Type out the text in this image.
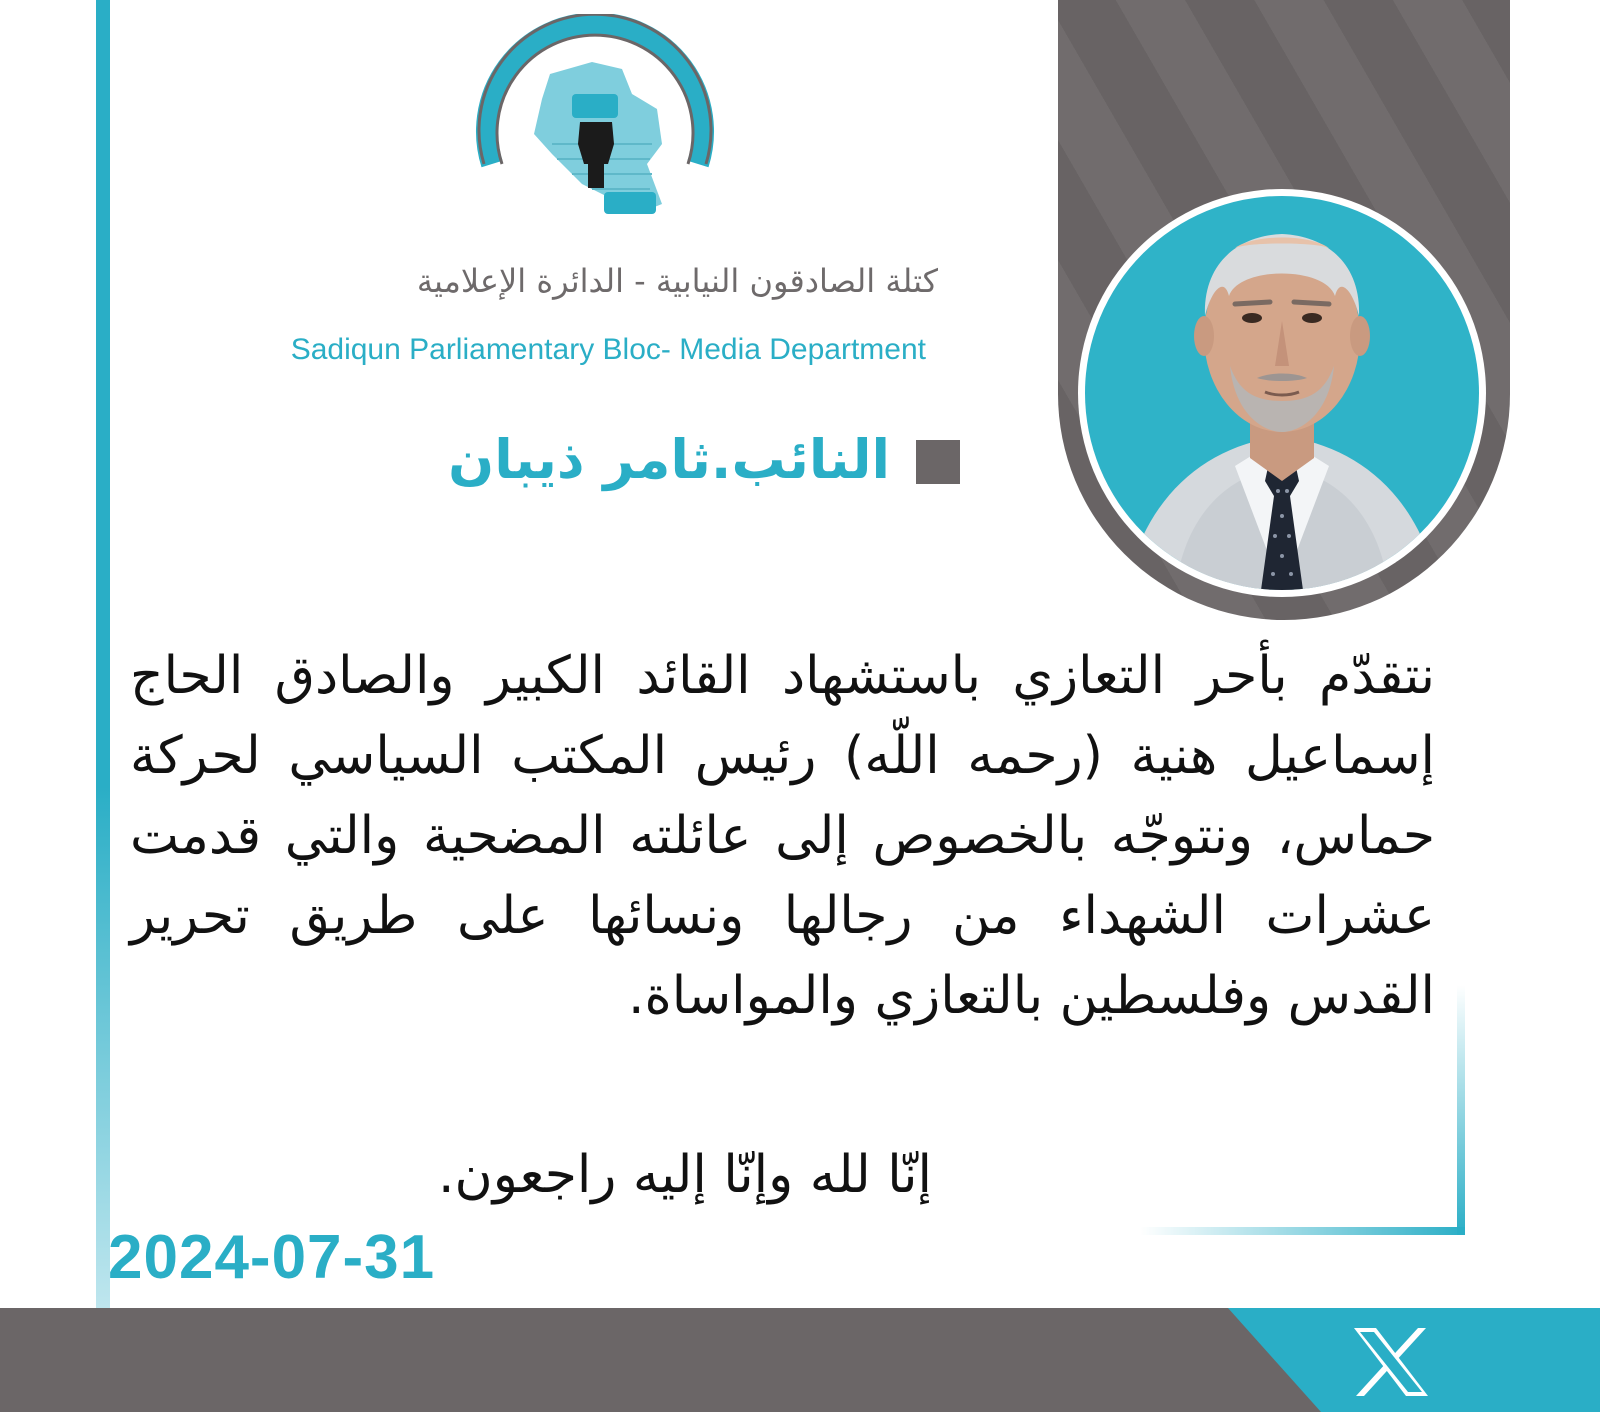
كتلة الصادقون النيابية - الدائرة الإعلامية
Sadiqun Parliamentary Bloc- Media Department
النائب.ثامر ذيبان
نتقدّم بأحر التعازي باستشهاد القائد الكبير والصادق الحاج إسماعيل هنية (رحمه اللّه) رئيس المكتب السياسي لحركة حماس، ونتوجّه بالخصوص إلى عائلته المضحية والتي قدمت عشرات الشهداء من رجالها ونسائها على طريق تحرير القدس وفلسطين بالتعازي والمواساة.
إنّا لله وإنّا إليه راجعون.
2024-07-31
